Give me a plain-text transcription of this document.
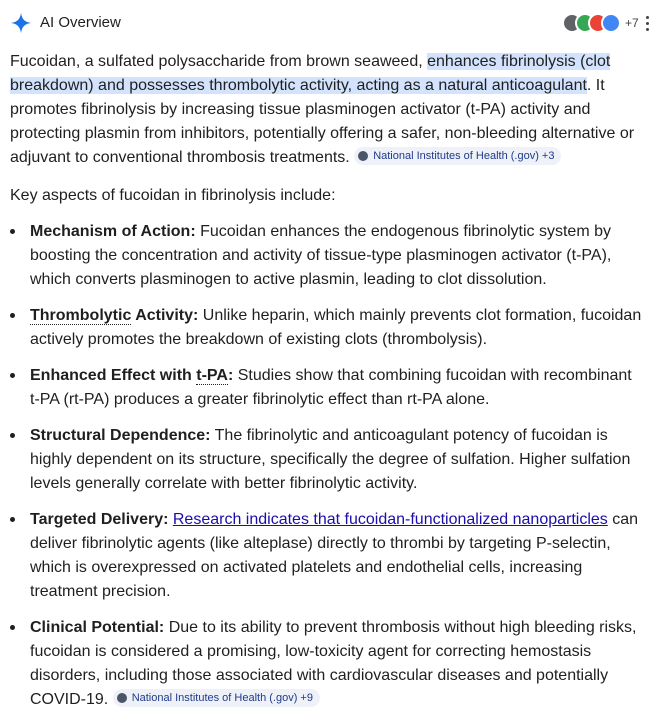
AI Overview	+7

Fucoidan, a sulfated polysaccharide from brown seaweed, enhances fibrinolysis (clot breakdown) and possesses thrombolytic activity, acting as a natural anticoagulant. It promotes fibrinolysis by increasing tissue plasminogen activator (t-PA) activity and protecting plasmin from inhibitors, potentially offering a safer, non-bleeding alternative or adjuvant to conventional thrombosis treatments. National Institutes of Health (.gov) +3

Key aspects of fucoidan in fibrinolysis include:

Mechanism of Action: Fucoidan enhances the endogenous fibrinolytic system by boosting the concentration and activity of tissue-type plasminogen activator (t-PA), which converts plasminogen to active plasmin, leading to clot dissolution.
Thrombolytic Activity: Unlike heparin, which mainly prevents clot formation, fucoidan actively promotes the breakdown of existing clots (thrombolysis).
Enhanced Effect with t-PA: Studies show that combining fucoidan with recombinant t-PA (rt-PA) produces a greater fibrinolytic effect than rt-PA alone.
Structural Dependence: The fibrinolytic and anticoagulant potency of fucoidan is highly dependent on its structure, specifically the degree of sulfation. Higher sulfation levels generally correlate with better fibrinolytic activity.
Targeted Delivery: Research indicates that fucoidan-functionalized nanoparticles can deliver fibrinolytic agents (like alteplase) directly to thrombi by targeting P-selectin, which is overexpressed on activated platelets and endothelial cells, increasing treatment precision.
Clinical Potential: Due to its ability to prevent thrombosis without high bleeding risks, fucoidan is considered a promising, low-toxicity agent for correcting hemostasis disorders, including those associated with cardiovascular diseases and potentially COVID-19. National Institutes of Health (.gov) +9
